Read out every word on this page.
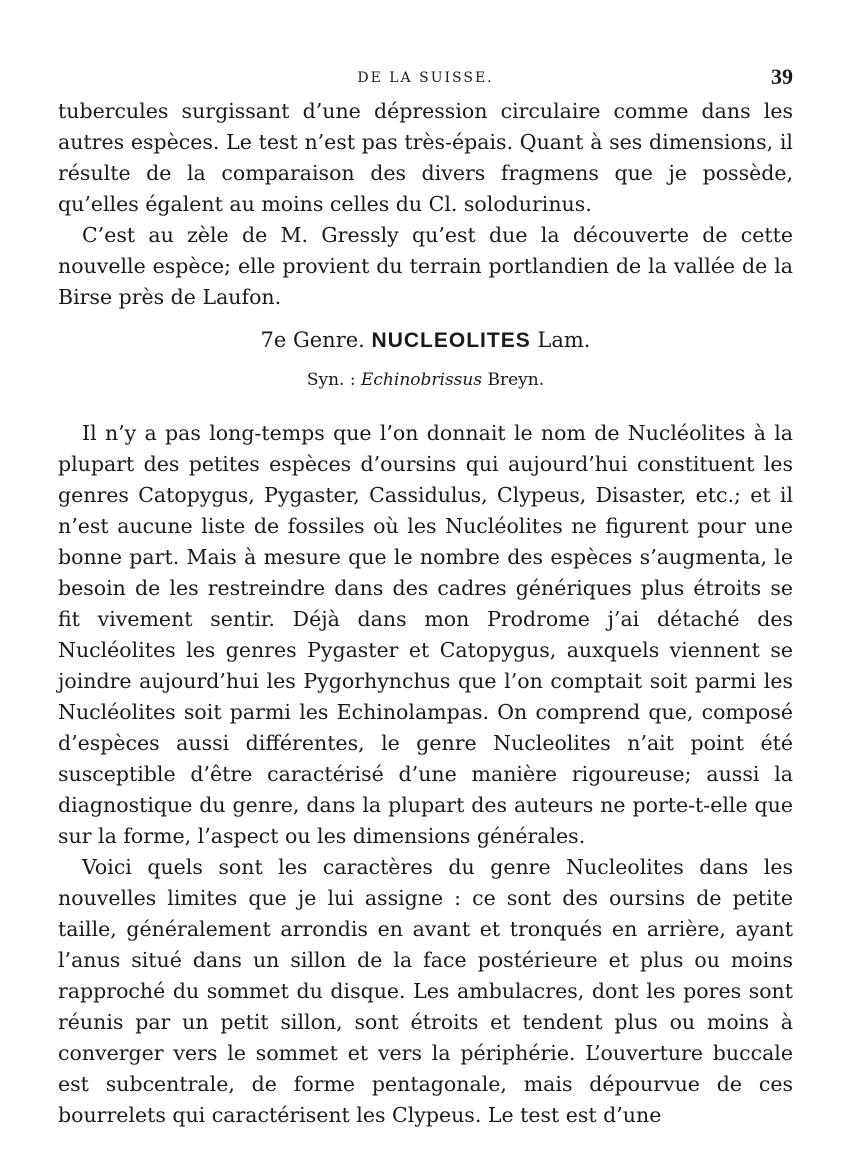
DE LA SUISSE.	39

tubercules surgissant d’une dépression circulaire comme dans les autres espèces. Le test n’est pas très-épais. Quant à ses dimensions, il résulte de la comparaison des divers fragmens que je possède, qu’elles égalent au moins celles du Cl. solodurinus.

C’est au zèle de M. Gressly qu’est due la découverte de cette nouvelle espèce; elle provient du terrain portlandien de la vallée de la Birse près de Laufon.

7e Genre. NUCLEOLITES Lam.
Syn. : Echinobrissus Breyn.

Il n’y a pas long-temps que l’on donnait le nom de Nucléolites à la plupart des petites espèces d’oursins qui aujourd’hui constituent les genres Catopygus, Pygaster, Cassidulus, Clypeus, Disaster, etc.; et il n’est aucune liste de fossiles où les Nucléolites ne figurent pour une bonne part. Mais à mesure que le nombre des espèces s’augmenta, le besoin de les restreindre dans des cadres génériques plus étroits se fit vivement sentir. Déjà dans mon Prodrome j’ai détaché des Nucléolites les genres Pygaster et Catopygus, auxquels viennent se joindre aujourd’hui les Pygorhynchus que l’on comptait soit parmi les Nucléolites soit parmi les Echinolampas. On comprend que, composé d’espèces aussi différentes, le genre Nucleolites n’ait point été susceptible d’être caractérisé d’une manière rigoureuse; aussi la diagnostique du genre, dans la plupart des auteurs ne porte-t-elle que sur la forme, l’aspect ou les dimensions générales.

Voici quels sont les caractères du genre Nucleolites dans les nouvelles limites que je lui assigne : ce sont des oursins de petite taille, généralement arrondis en avant et tronqués en arrière, ayant l’anus situé dans un sillon de la face postérieure et plus ou moins rapproché du sommet du disque. Les ambulacres, dont les pores sont réunis par un petit sillon, sont étroits et tendent plus ou moins à converger vers le sommet et vers la périphérie. L’ouverture buccale est subcentrale, de forme pentagonale, mais dépourvue de ces bourrelets qui caractérisent les Clypeus. Le test est d’une
